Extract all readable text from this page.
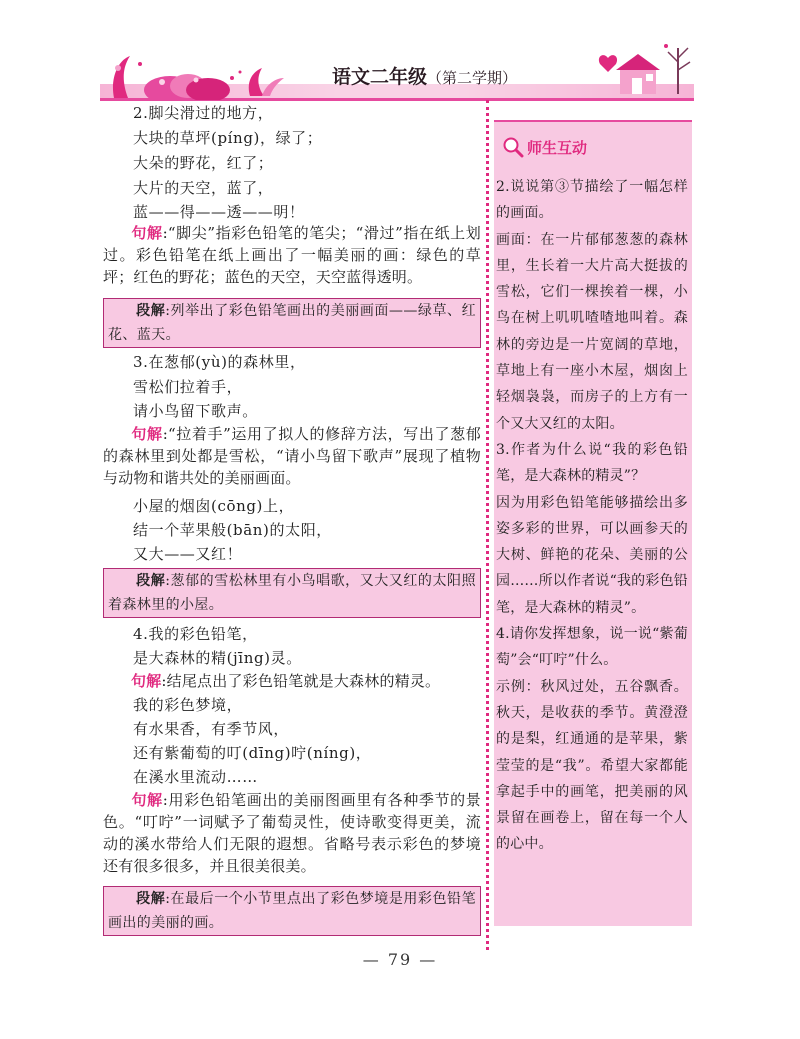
语文二年级（第二学期）
2.脚尖滑过的地方，
大块的草坪(píng)，绿了；
大朵的野花，红了；
大片的天空，蓝了，
蓝——得——透——明！
句解:“脚尖”指彩色铅笔的笔尖；“滑过”指在纸上划过。彩色铅笔在纸上画出了一幅美丽的画：绿色的草坪；红色的野花；蓝色的天空，天空蓝得透明。
段解:列举出了彩色铅笔画出的美丽画面——绿草、红花、蓝天。
3.在葱郁(yù)的森林里，
雪松们拉着手，
请小鸟留下歌声。
句解:“拉着手”运用了拟人的修辞方法，写出了葱郁的森林里到处都是雪松，“请小鸟留下歌声”展现了植物与动物和谐共处的美丽画面。
小屋的烟囱(cōng)上，
结一个苹果般(bān)的太阳，
又大——又红！
段解:葱郁的雪松林里有小鸟唱歌，又大又红的太阳照着森林里的小屋。
4.我的彩色铅笔，
是大森林的精(jīng)灵。
句解:结尾点出了彩色铅笔就是大森林的精灵。
我的彩色梦境，
有水果香，有季节风，
还有紫葡萄的叮(dīng)咛(níng)，
在溪水里流动……
句解:用彩色铅笔画出的美丽图画里有各种季节的景色。“叮咛”一词赋予了葡萄灵性，使诗歌变得更美，流动的溪水带给人们无限的遐想。省略号表示彩色的梦境还有很多很多，并且很美很美。
段解:在最后一个小节里点出了彩色梦境是用彩色铅笔画出的美丽的画。
师生互动

2.说说第③节描绘了一幅怎样的画面。

画面：在一片郁郁葱葱的森林里，生长着一大片高大挺拔的雪松，它们一棵挨着一棵，小鸟在树上叽叽喳喳地叫着。森林的旁边是一片宽阔的草地，草地上有一座小木屋，烟囱上轻烟袅袅，而房子的上方有一个又大又红的太阳。

3.作者为什么说“我的彩色铅笔，是大森林的精灵”？

因为用彩色铅笔能够描绘出多姿多彩的世界，可以画参天的大树、鲜艳的花朵、美丽的公园……所以作者说“我的彩色铅笔，是大森林的精灵”。

4.请你发挥想象，说一说“紫葡萄”会“叮咛”什么。

示例：秋风过处，五谷飘香。秋天，是收获的季节。黄澄澄的是梨，红通通的是苹果，紫莹莹的是“我”。希望大家都能拿起手中的画笔，把美丽的风景留在画卷上，留在每一个人的心中。

— 79 —
